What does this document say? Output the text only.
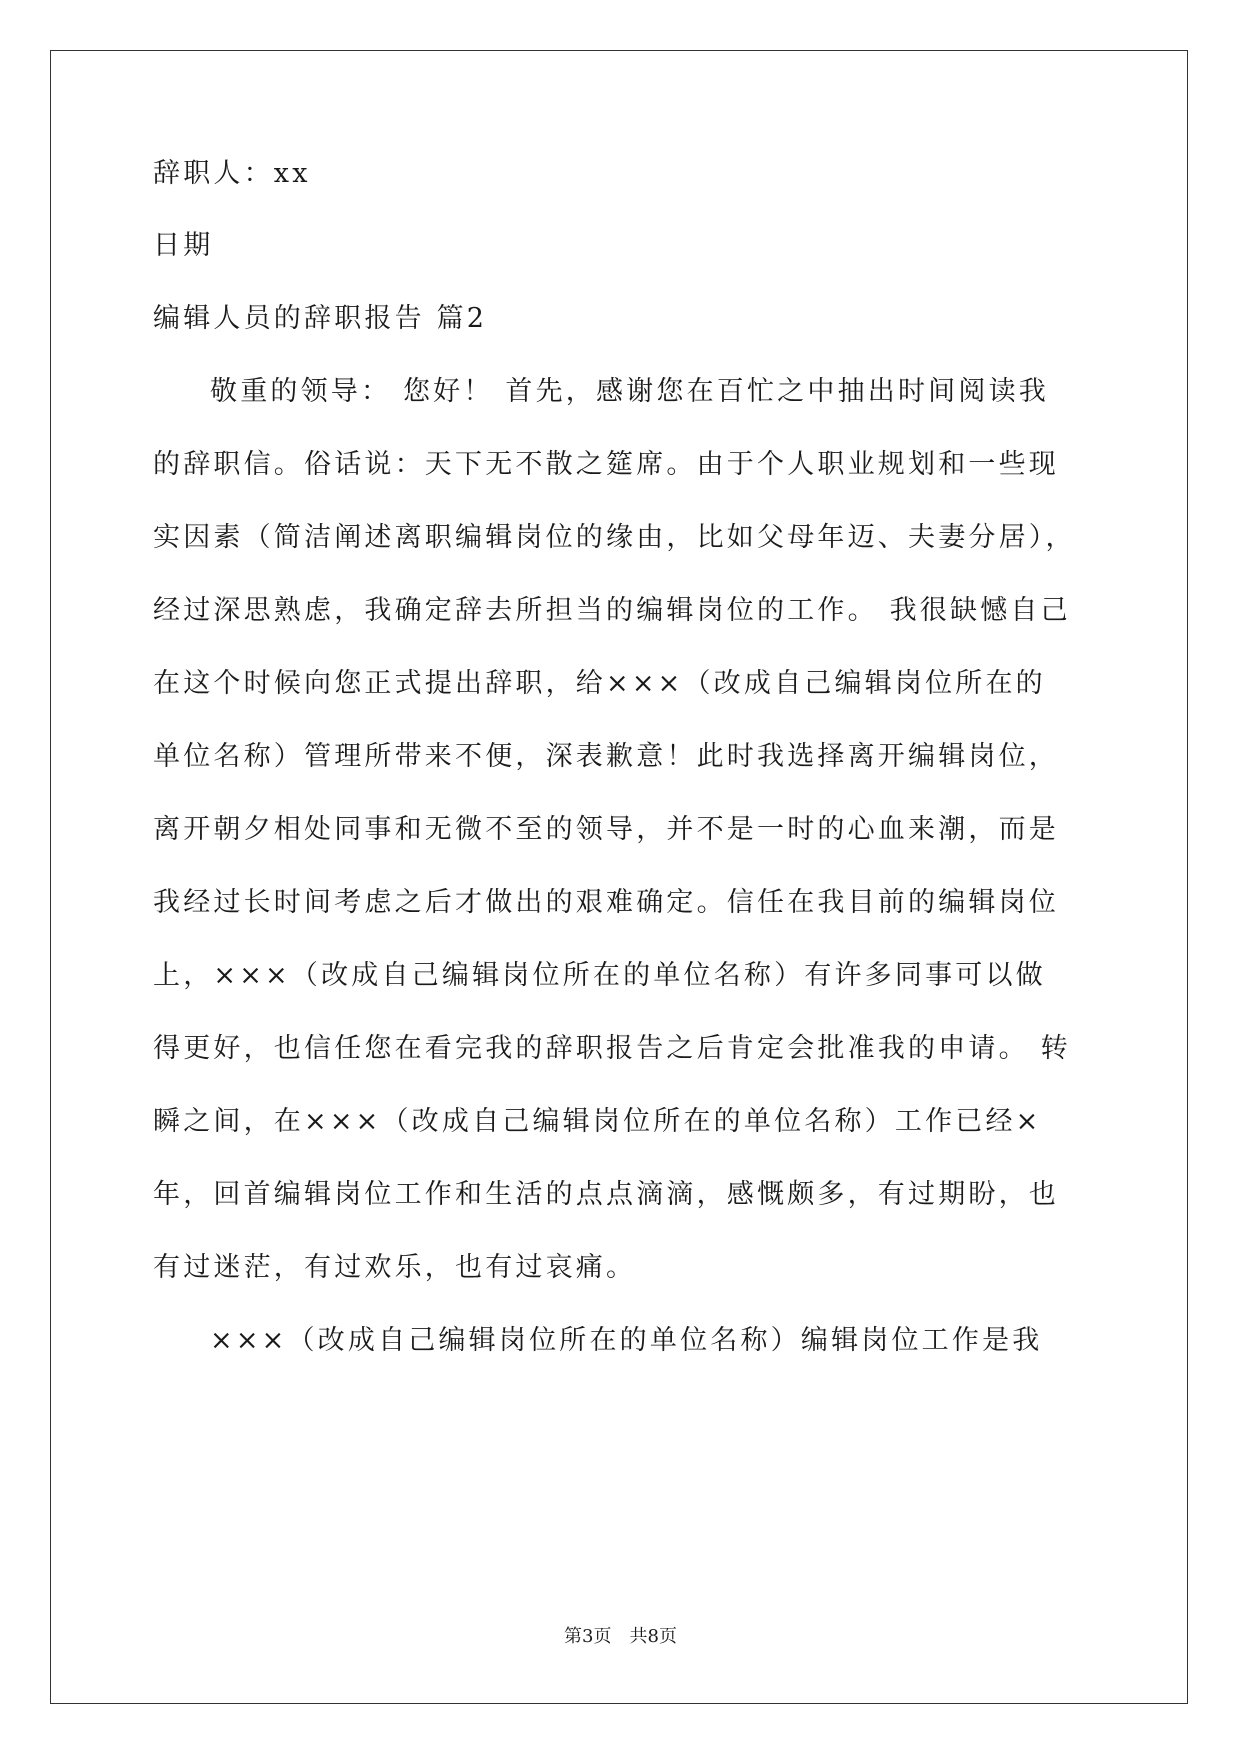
辞职人：xx
日期
编辑人员的辞职报告 篇2
敬重的领导： 您好！ 首先，感谢您在百忙之中抽出时间阅读我
的辞职信。俗话说：天下无不散之筵席。由于个人职业规划和一些现
实因素（简洁阐述离职编辑岗位的缘由，比如父母年迈、夫妻分居），
经过深思熟虑，我确定辞去所担当的编辑岗位的工作。 我很缺憾自己
在这个时候向您正式提出辞职，给×××（改成自己编辑岗位所在的
单位名称）管理所带来不便，深表歉意！此时我选择离开编辑岗位，
离开朝夕相处同事和无微不至的领导，并不是一时的心血来潮，而是
我经过长时间考虑之后才做出的艰难确定。信任在我目前的编辑岗位
上，×××（改成自己编辑岗位所在的单位名称）有许多同事可以做
得更好，也信任您在看完我的辞职报告之后肯定会批准我的申请。 转
瞬之间，在×××（改成自己编辑岗位所在的单位名称）工作已经×
年，回首编辑岗位工作和生活的点点滴滴，感慨颇多，有过期盼，也
有过迷茫，有过欢乐，也有过哀痛。
×××（改成自己编辑岗位所在的单位名称）编辑岗位工作是我
第3页　共8页
